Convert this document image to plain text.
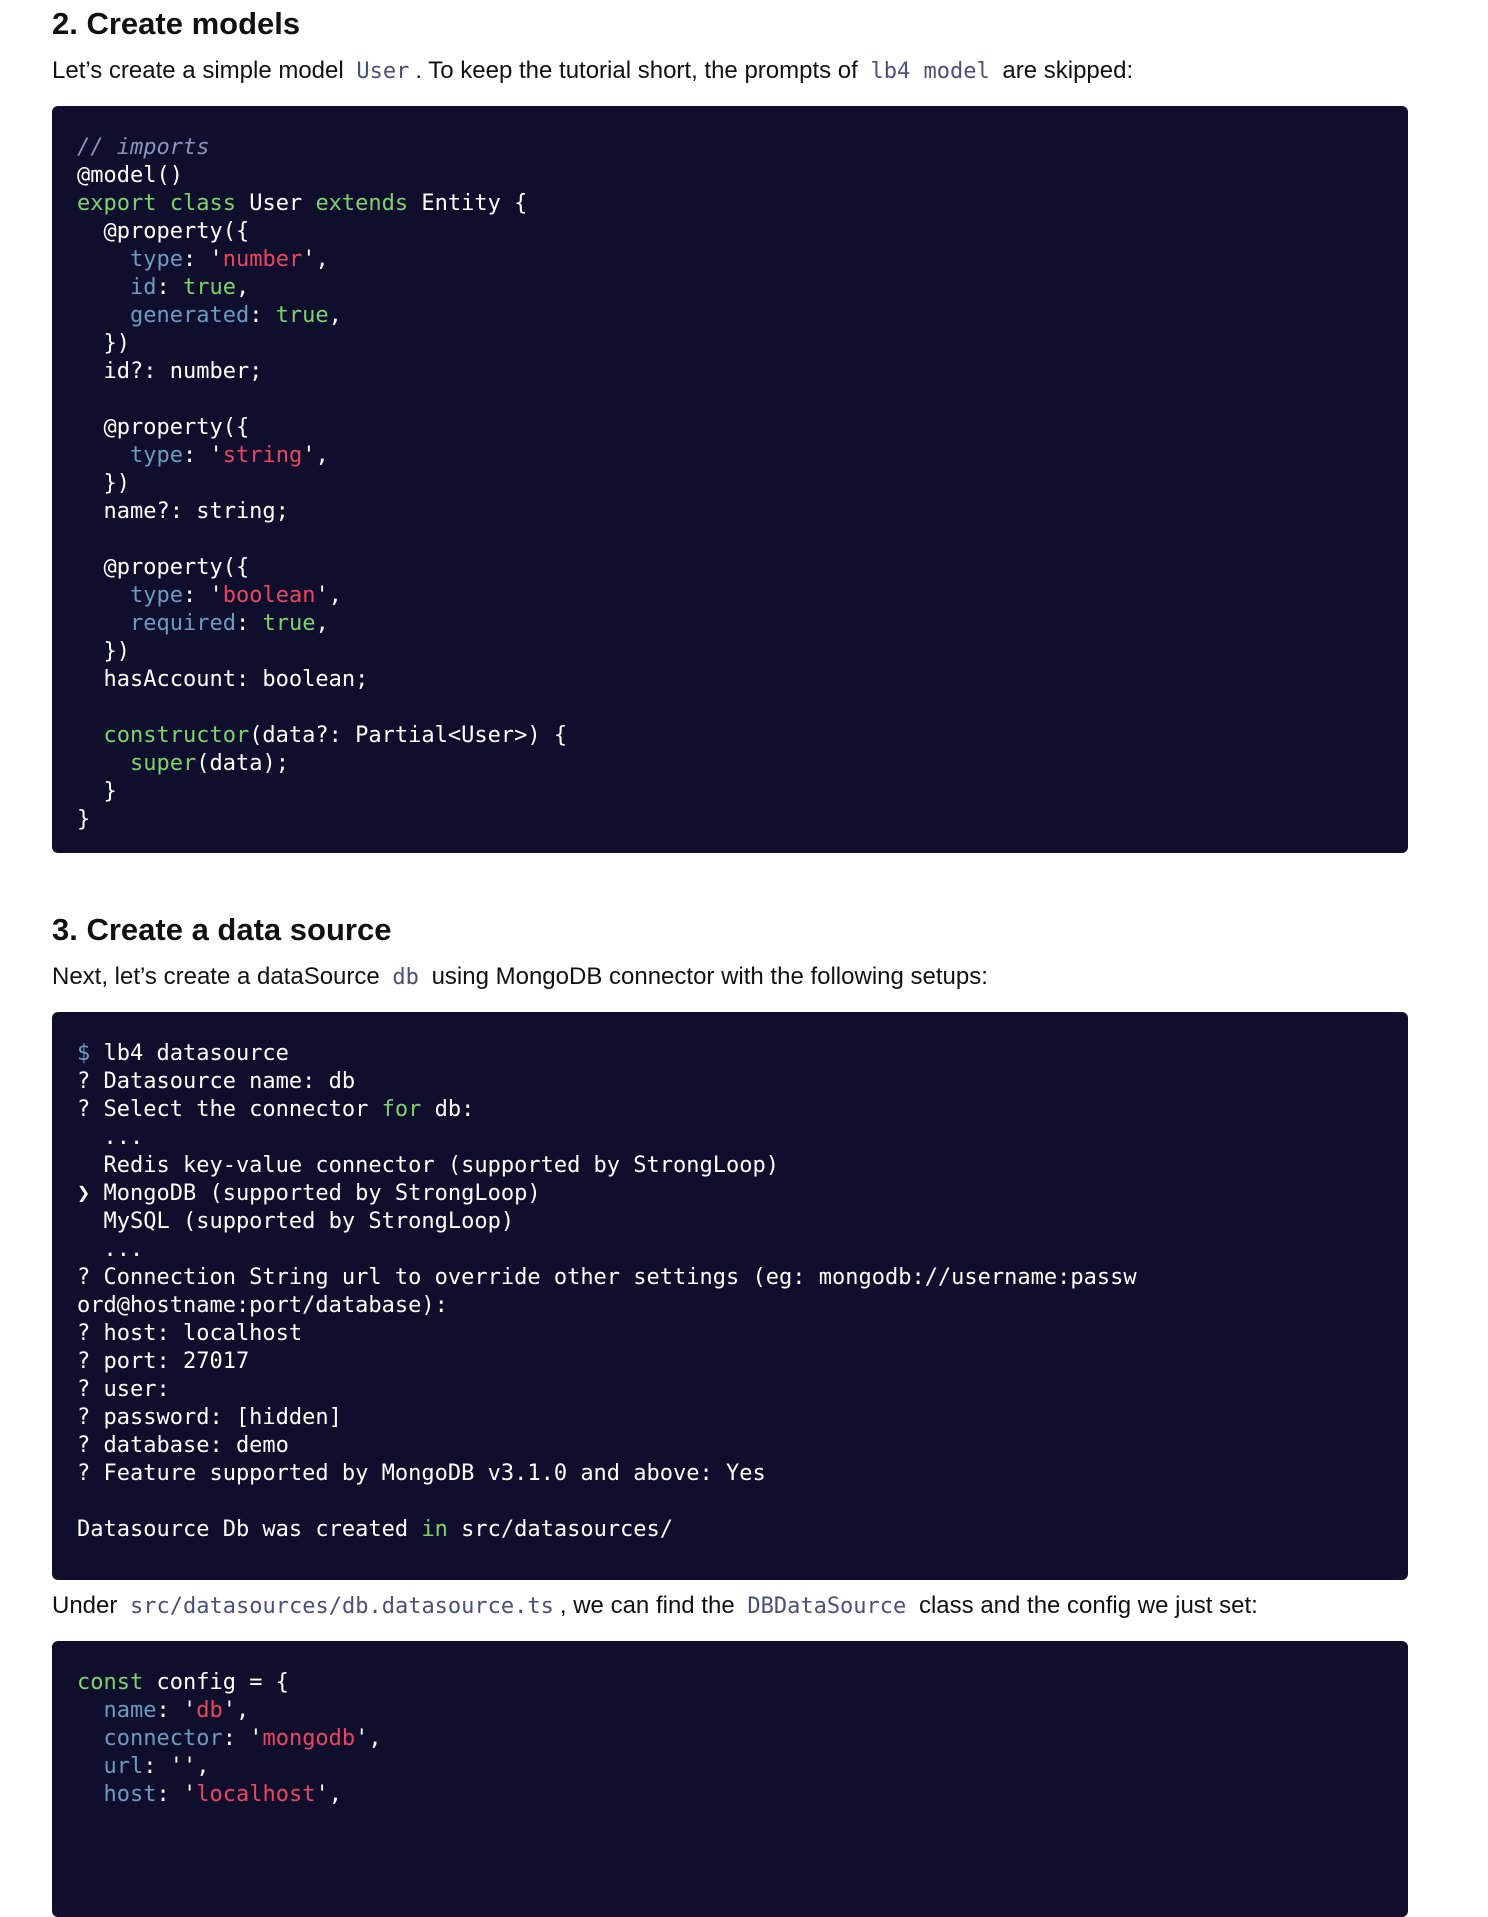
2. Create models

Let’s create a simple model User . To keep the tutorial short, the prompts of lb4 model are skipped:

// imports
@model()
export class User extends Entity {
@property({
type: 'number',
id: true,
generated: true,
})
id?: number;

@property({
type: 'string',
})
name?: string;

@property({
type: 'boolean',
required: true,
})
hasAccount: boolean;

constructor(data?: Partial<User>) {
super(data);
}
}
3. Create a data source

Next, let’s create a dataSource db using MongoDB connector with the following setups:

$ lb4 datasource
? Datasource name: db
? Select the connector for db:
...
Redis key-value connector (supported by StrongLoop)
❯ MongoDB (supported by StrongLoop)
MySQL (supported by StrongLoop)
...
? Connection String url to override other settings (eg: mongodb://username:passw
ord@hostname:port/database):
? host: localhost
? port: 27017
? user:
? password: [hidden]
? database: demo
? Feature supported by MongoDB v3.1.0 and above: Yes

Datasource Db was created in src/datasources/

Under src/datasources/db.datasource.ts , we can find the DBDataSource class and the config we just set:

const config = {
name: 'db',
connector: 'mongodb',
url: '',
host: 'localhost',
